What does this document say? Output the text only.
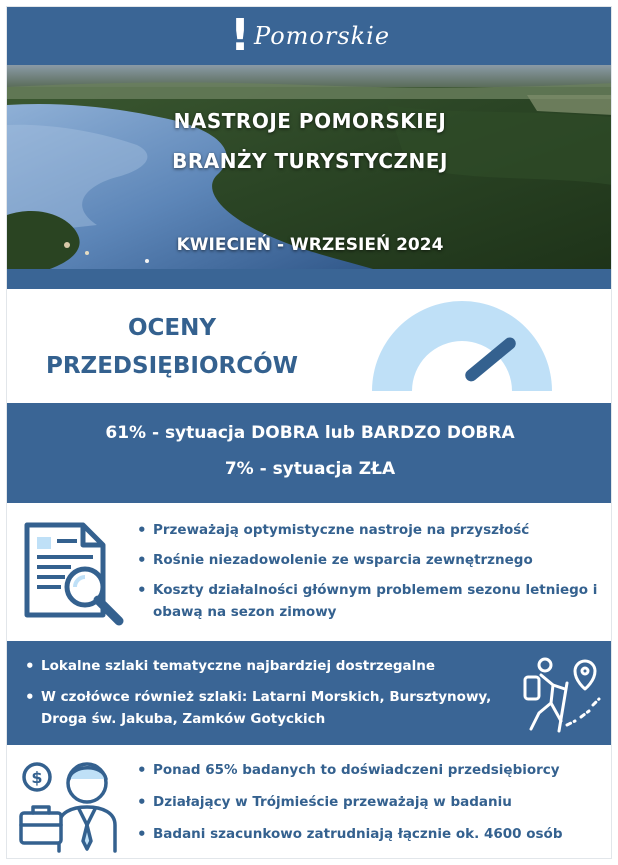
! Pomorskie
NASTROJE POMORSKIEJ
BRANŻY TURYSTYCZNEJ
KWIECIEŃ - WRZESIEŃ 2024
OCENY
PRZEDSIĘBIORCÓW
61% - sytuacja DOBRA lub BARDZO DOBRA
7% - sytuacja ZŁA
• Przeważają optymistyczne nastroje na przyszłość
• Rośnie niezadowolenie ze wsparcia zewnętrznego
• Koszty działalności głównym problemem sezonu letniego i obawą na sezon zimowy
• Lokalne szlaki tematyczne najbardziej dostrzegalne
• W czołówce również szlaki: Latarni Morskich, Bursztynowy, Droga św. Jakuba, Zamków Gotyckich
$
•	Ponad 65% badanych to doświadczeni przedsiębiorcy
• Działający w Trójmieście przeważają w badaniu
• Badani szacunkowo zatrudniają łącznie ok. 4600 osób
